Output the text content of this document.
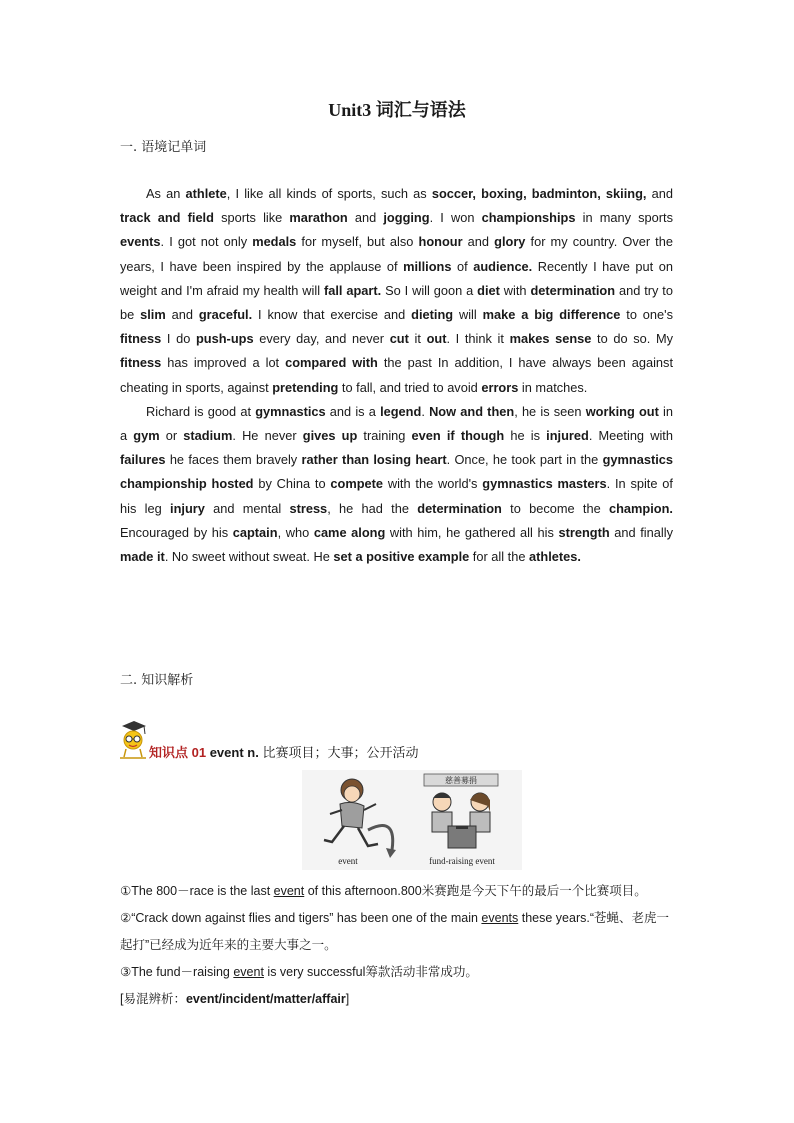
Unit3 词汇与语法
一. 语境记单词

As an athlete, I like all kinds of sports, such as soccer, boxing, badminton, skiing, and track and field sports like marathon and jogging. I won championships in many sports events. I got not only medals for myself, but also honour and glory for my country. Over the years, I have been inspired by the applause of millions of audience. Recently I have put on weight and I'm afraid my health will fall apart. So I will goon a diet with determination and try to be slim and graceful. I know that exercise and dieting will make a big difference to one's fitness I do push-ups every day, and never cut it out. I think it makes sense to do so. My fitness has improved a lot compared with the past In addition, I have always been against cheating in sports, against pretending to fall, and tried to avoid errors in matches.

Richard is good at gymnastics and is a legend. Now and then, he is seen working out in a gym or stadium. He never gives up training even if though he is injured. Meeting with failures he faces them bravely rather than losing heart. Once, he took part in the gymnastics championship hosted by China to compete with the world's gymnastics masters. In spite of his leg injury and mental stress, he had the determination to become the champion. Encouraged by his captain, who came along with him, he gathered all his strength and finally made it. No sweet without sweat. He set a positive example for all the athletes.

二. 知识解析
知识点 01 event n. 比赛项目；大事；公开活动
event	fund-raising event
慈善募捐
①The 800－race is the last event of this afternoon.800米赛跑是今天下午的最后一个比赛项目。
②“Crack down against flies and tigers” has been one of the main events these years.“苍蝇、老虎一起打”已经成为近年来的主要大事之一。
③The fund－raising event is very successful筹款活动非常成功。
[易混辨析：event/incident/matter/affair]
